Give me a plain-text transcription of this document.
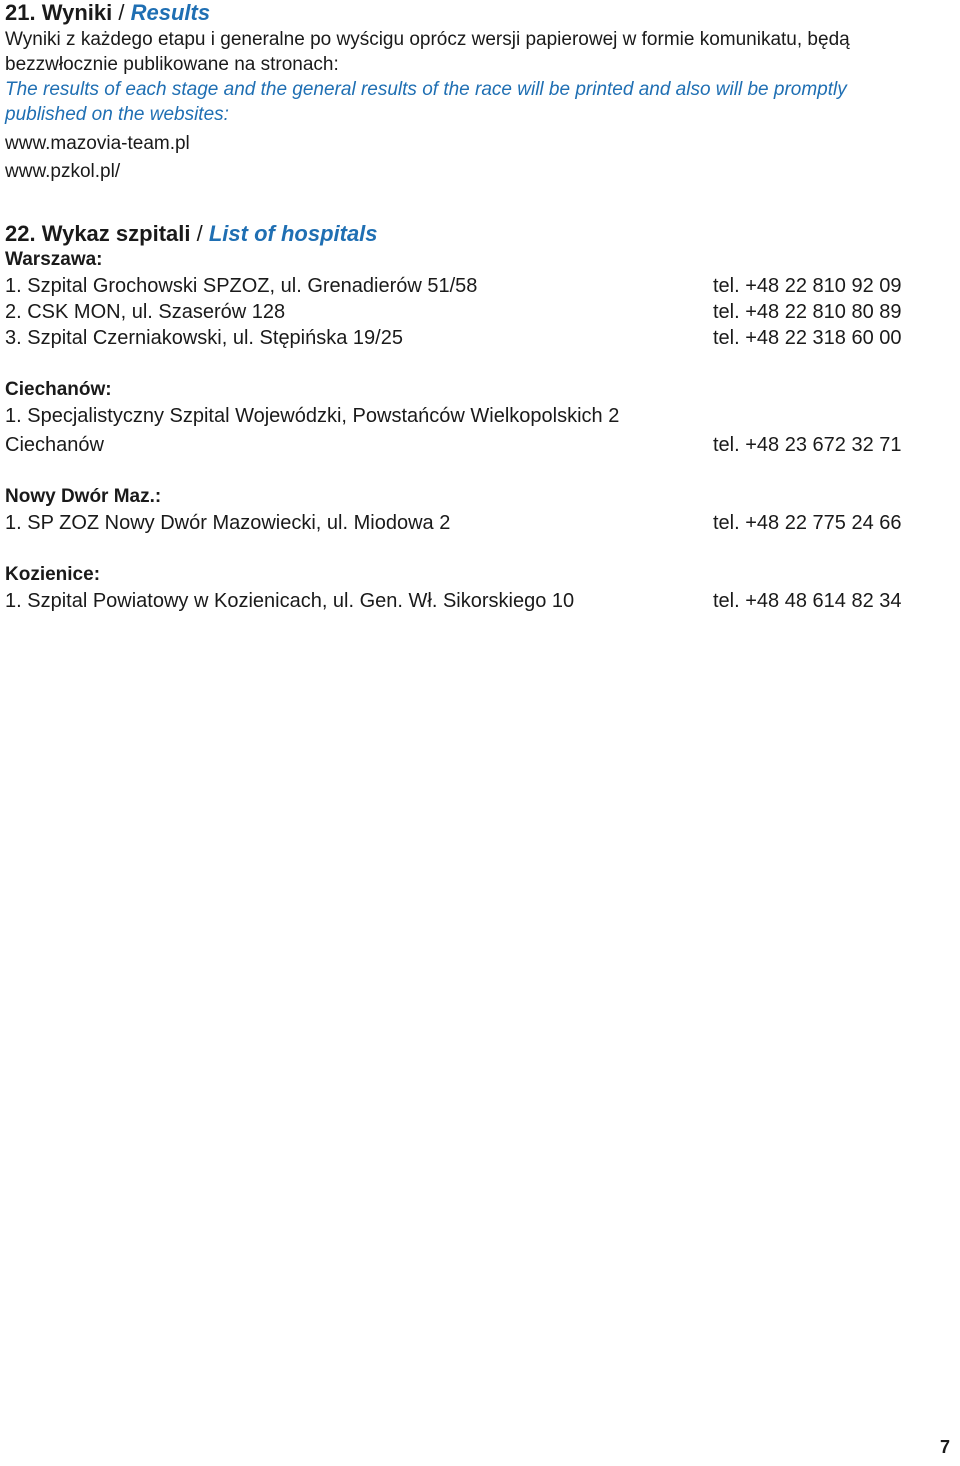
21. Wyniki / Results

Wyniki z każdego etapu i generalne po wyścigu oprócz wersji papierowej w formie komunikatu, będą

bezzwłocznie publikowane na stronach:

The results of each stage and the general results of the race will be printed and also will be promptly

published on the websites:

www.mazovia-team.pl

www.pzkol.pl/

22. Wykaz szpitali / List of hospitals

Warszawa:

1. Szpital Grochowski SPZOZ, ul. Grenadierów 51/58	tel. +48 22 810 92 09
2. CSK MON, ul. Szaserów 128	tel. +48 22 810 80 89
3. Szpital Czerniakowski, ul. Stępińska 19/25	tel. +48 22 318 60 00

Ciechanów:

1. Specjalistyczny Szpital Wojewódzki, Powstańców Wielkopolskich 2
Ciechanów	tel. +48 23 672 32 71

Nowy Dwór Maz.:

1. SP ZOZ Nowy Dwór Mazowiecki, ul. Miodowa 2	tel. +48 22 775 24 66

Kozienice:

1. Szpital Powiatowy w Kozienicach, ul. Gen. Wł. Sikorskiego 10	tel. +48 48 614 82 34
7
